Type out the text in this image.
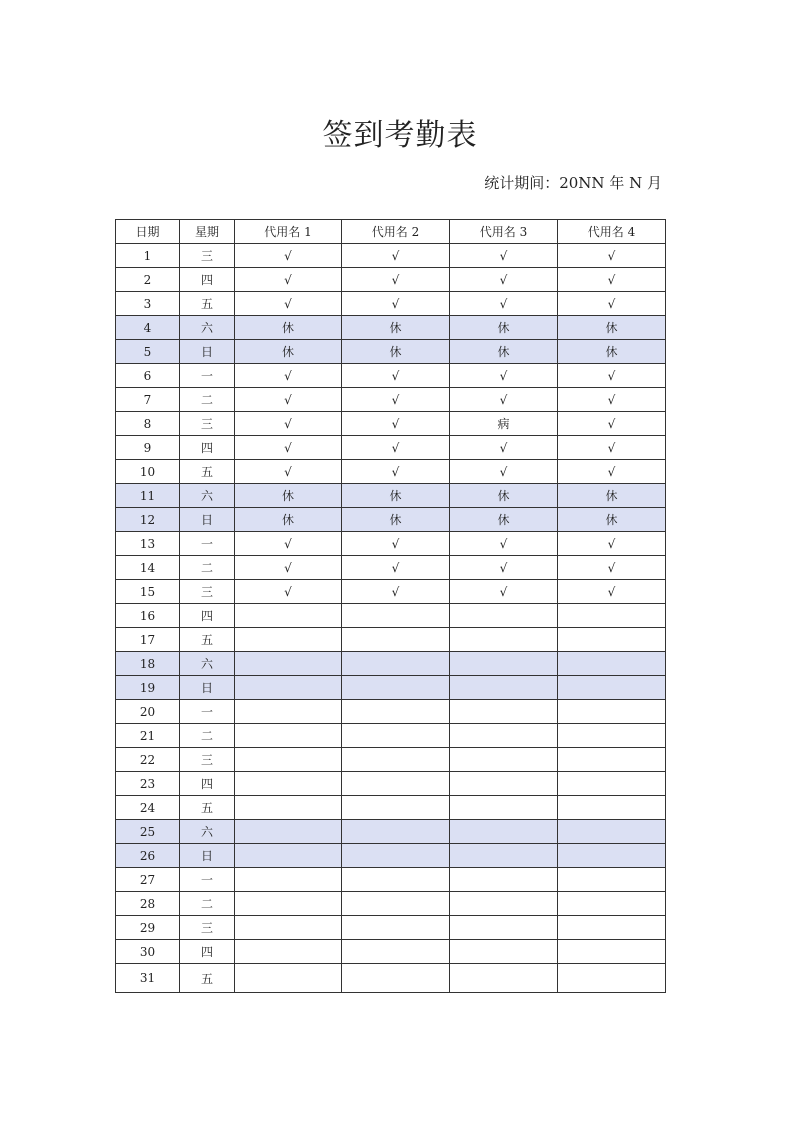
签到考勤表
统计期间：20NN 年 N 月
日期	星期	代用名 1	代用名 2	代用名 3	代用名 4
1	三	√	√	√	√
2	四	√	√	√	√
3	五	√	√	√	√
4	六	休	休	休	休
5	日	休	休	休	休
6	一	√	√	√	√
7	二	√	√	√	√
8	三	√	√	病	√
9	四	√	√	√	√
10	五	√	√	√	√
11	六	休	休	休	休
12	日	休	休	休	休
13	一	√	√	√	√
14	二	√	√	√	√
15	三	√	√	√	√
16	四				
17	五				
18	六				
19	日				
20	一				
21	二				
22	三				
23	四				
24	五				
25	六				
26	日				
27	一				
28	二				
29	三				
30	四				
31	五				
